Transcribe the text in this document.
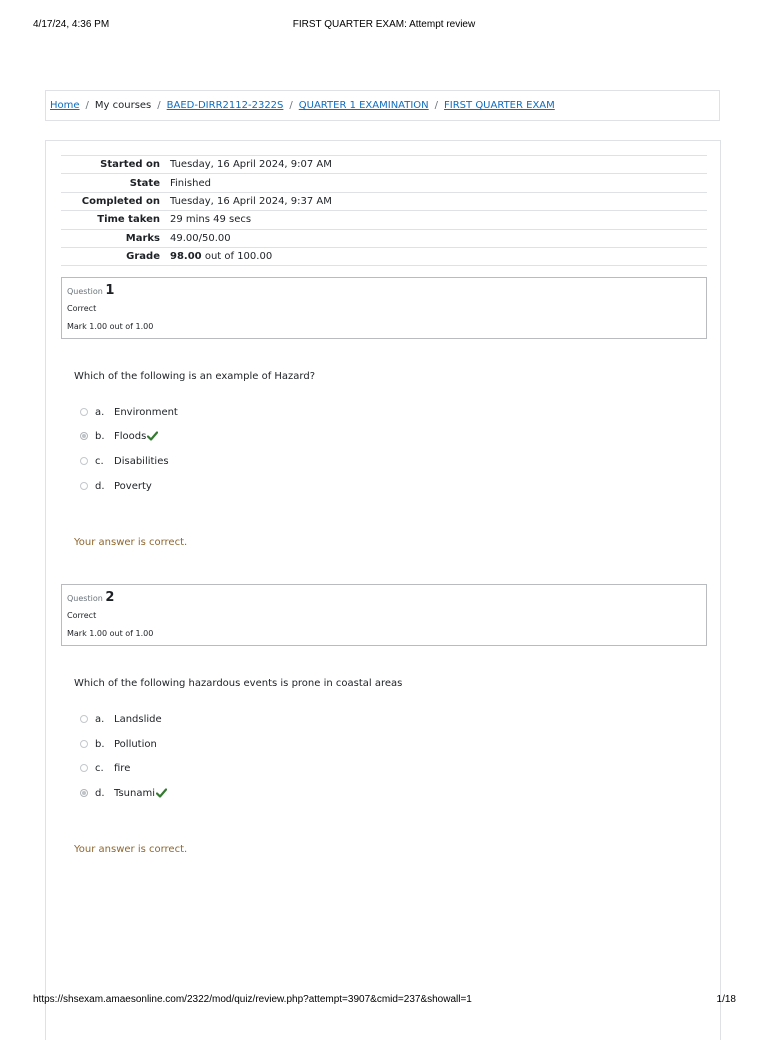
4/17/24, 4:36 PM	FIRST QUARTER EXAM: Attempt review
Home / My courses / BAED-DIRR2112-2322S / QUARTER 1 EXAMINATION / FIRST QUARTER EXAM
Started on	Tuesday, 16 April 2024, 9:07 AM
State	Finished
Completed on	Tuesday, 16 April 2024, 9:37 AM
Time taken	29 mins 49 secs
Marks	49.00/50.00
Grade	98.00 out of 100.00
Question 1
Correct
Mark 1.00 out of 1.00
Which of the following is an example of Hazard?
a. Environment
b. Floods
c.	Disabilities
d. Poverty
Your answer is correct.
Question 2
Correct
Mark 1.00 out of 1.00
Which of the following hazardous events is prone in coastal areas
a. Landslide
b. Pollution
c.	fire
d. Tsunami
Your answer is correct.
https://shsexam.amaesonline.com/2322/mod/quiz/review.php?attempt=3907&cmid=237&showall=1	1/18
